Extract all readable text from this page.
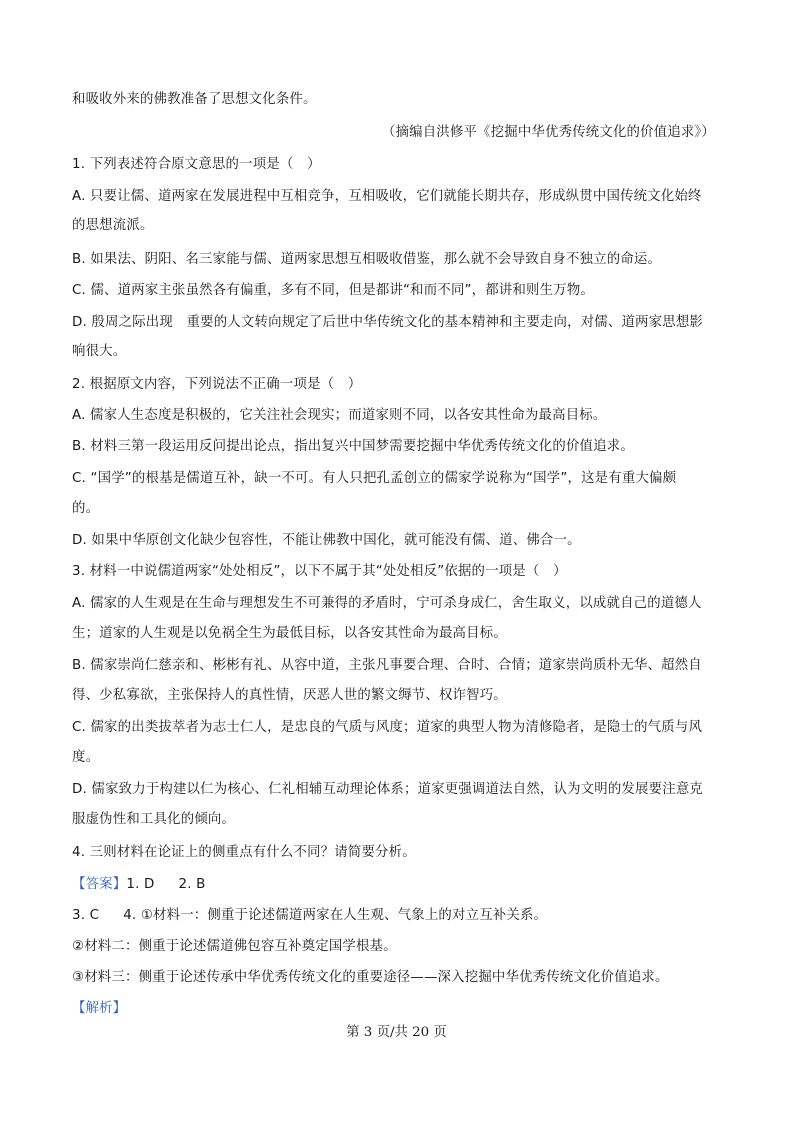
和吸收外来的佛教准备了思想文化条件。
（摘编自洪修平《挖掘中华优秀传统文化的价值追求》）
1. 下列表述符合原文意思的一项是（　）
A. 只要让儒、道两家在发展进程中互相竞争，互相吸收，它们就能长期共存，形成纵贯中国传统文化始终
的思想流派。
B. 如果法、阴阳、名三家能与儒、道两家思想互相吸收借鉴，那么就不会导致自身不独立的命运。
C. 儒、道两家主张虽然各有偏重，多有不同，但是都讲“和而不同”，都讲和则生万物。
D. 殷周之际出现　重要的人文转向规定了后世中华传统文化的基本精神和主要走向，对儒、道两家思想影
响很大。
2. 根据原文内容，下列说法不正确一项是（　）
A. 儒家人生态度是积极的，它关注社会现实；而道家则不同，以各安其性命为最高目标。
B. 材料三第一段运用反问提出论点，指出复兴中国梦需要挖掘中华优秀传统文化的价值追求。
C. “国学”的根基是儒道互补，缺一不可。有人只把孔孟创立的儒家学说称为“国学”，这是有重大偏颇
的。
D. 如果中华原创文化缺少包容性，不能让佛教中国化，就可能没有儒、道、佛合一。
3. 材料一中说儒道两家“处处相反”，以下不属于其“处处相反”依据的一项是（　）
A. 儒家的人生观是在生命与理想发生不可兼得的矛盾时，宁可杀身成仁，舍生取义，以成就自己的道德人
生；道家的人生观是以免祸全生为最低目标，以各安其性命为最高目标。
B. 儒家崇尚仁慈亲和、彬彬有礼、从容中道，主张凡事要合理、合时、合情；道家崇尚质朴无华、超然自
得、少私寡欲，主张保持人的真性情，厌恶人世的繁文缛节、权诈智巧。
C. 儒家的出类拔萃者为志士仁人，是忠良的气质与风度；道家的典型人物为清修隐者，是隐士的气质与风
度。
D. 儒家致力于构建以仁为核心、仁礼相辅互动理论体系；道家更强调道法自然，认为文明的发展要注意克
服虚伪性和工具化的倾向。
4. 三则材料在论证上的侧重点有什么不同？请简要分析。
【答案】1. D 2. B
3. C 4. ①材料一：侧重于论述儒道两家在人生观、气象上的对立互补关系。
②材料二：侧重于论述儒道佛包容互补奠定国学根基。
③材料三：侧重于论述传承中华优秀传统文化的重要途径——深入挖掘中华优秀传统文化价值追求。
【解析】
第 3 页/共 20 页
